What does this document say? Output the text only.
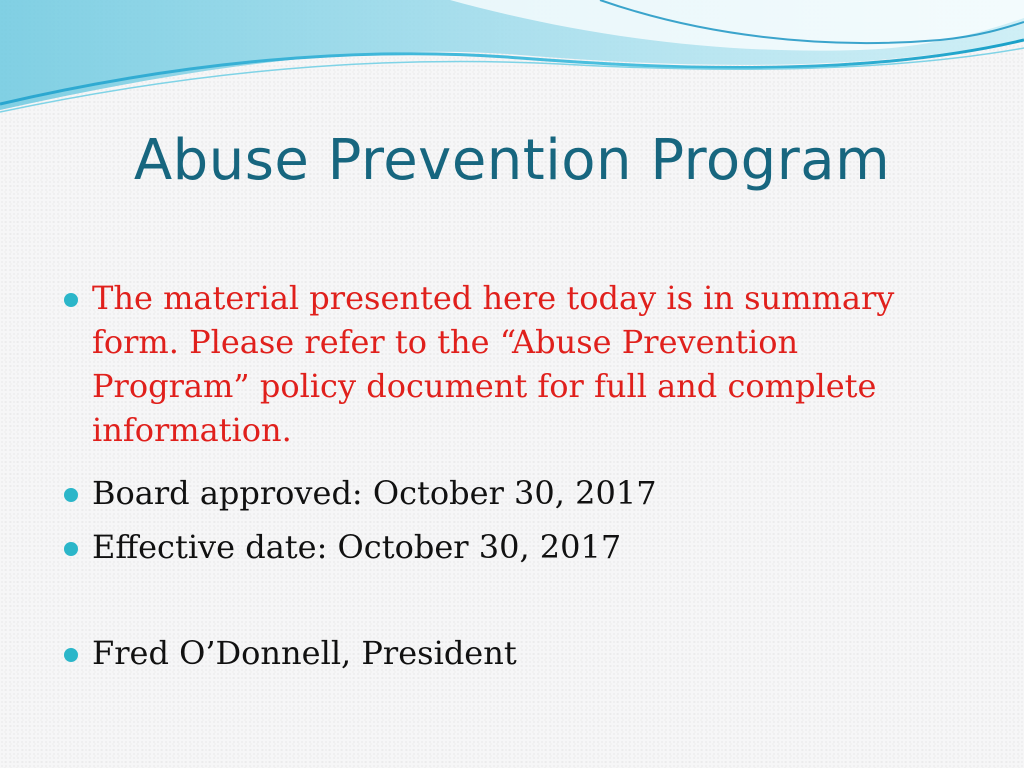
Abuse Prevention Program
The material presented here today is in summary form. Please refer to the “Abuse Prevention Program” policy document for full and complete information.
Board approved: October 30, 2017
Effective date: October 30, 2017
Fred O’Donnell, President
